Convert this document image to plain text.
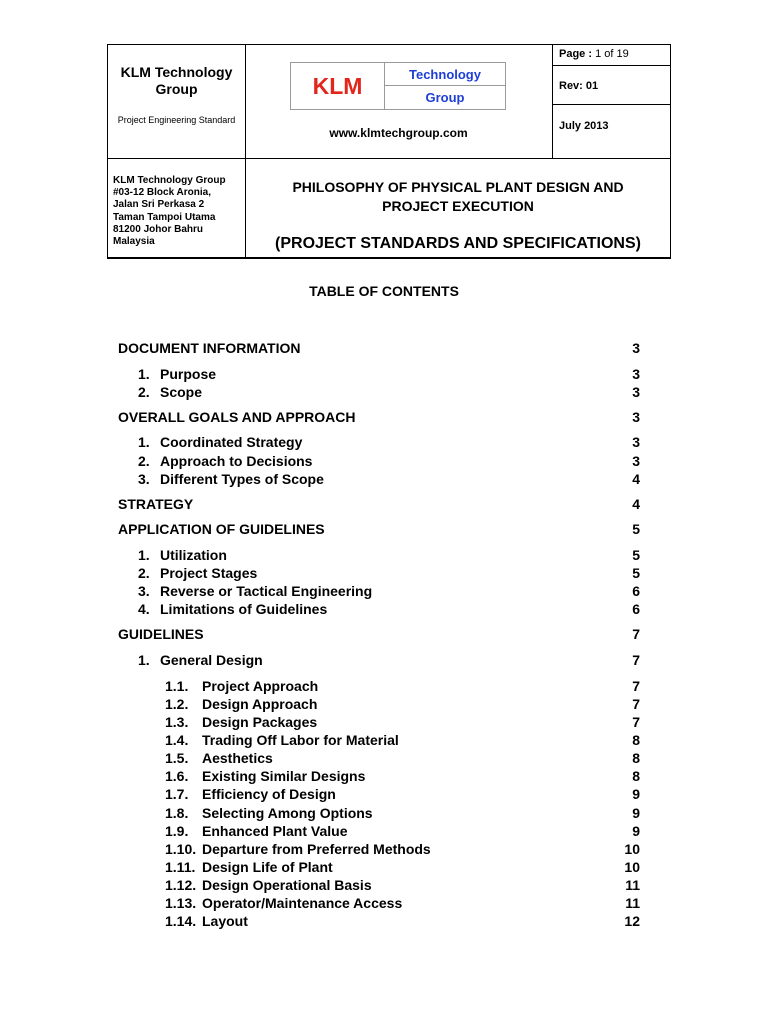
KLM Technology Group
Project Engineering Standard
KLM	Technology
Group
www.klmtechgroup.com
Page : 1 of 19
Rev: 01
July 2013
KLM Technology Group
#03-12 Block Aronia,
Jalan Sri Perkasa 2
Taman Tampoi Utama
81200 Johor Bahru
Malaysia
PHILOSOPHY OF PHYSICAL PLANT DESIGN AND
PROJECT EXECUTION
(PROJECT STANDARDS AND SPECIFICATIONS)
TABLE OF CONTENTS
DOCUMENT INFORMATION	3
1. Purpose	3
2. Scope	3
OVERALL GOALS AND APPROACH	3
1. Coordinated Strategy	3
2. Approach to Decisions	3
3. Different Types of Scope	4
STRATEGY	4
APPLICATION OF GUIDELINES	5
1. Utilization	5
2. Project Stages	5
3. Reverse or Tactical Engineering	6
4. Limitations of Guidelines	6
GUIDELINES	7
1. General Design	7
1.1. Project Approach	7
1.2. Design Approach	7
1.3. Design Packages	7
1.4. Trading Off Labor for Material	8
1.5. Aesthetics	8
1.6. Existing Similar Designs	8
1.7. Efficiency of Design	9
1.8. Selecting Among Options	9
1.9. Enhanced Plant Value	9
1.10. Departure from Preferred Methods	10
1.11. Design Life of Plant	10
1.12. Design Operational Basis	11
1.13. Operator/Maintenance Access	11
1.14. Layout	12
